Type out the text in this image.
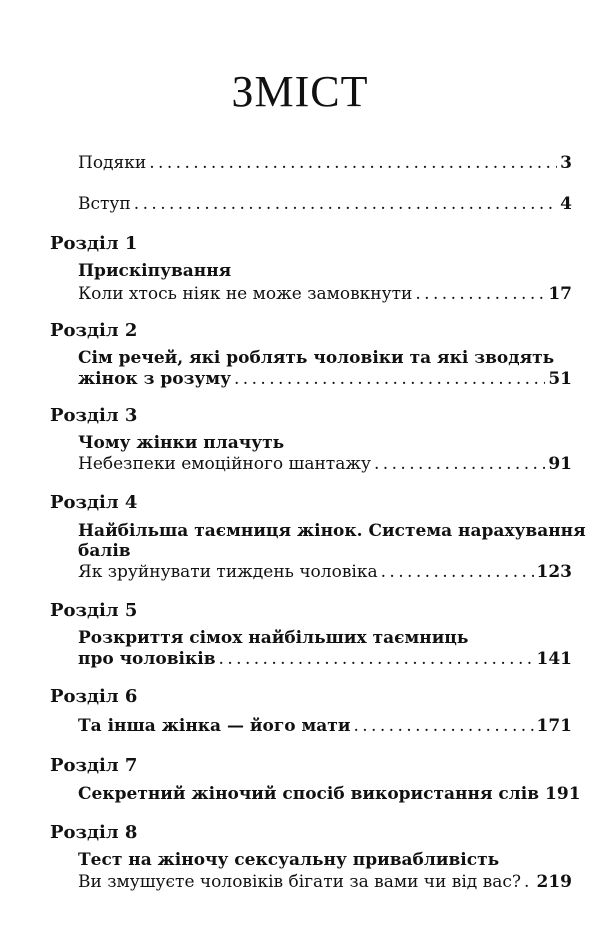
ЗМІСТ
Подяки . . .	3
Вступ . . .	4
Розділ 1
Прискіпування
Коли хтось ніяк не може замовкнути . . .	17
Розділ 2
Сім речей, які роблять чоловіки та які зводять
жінок з розуму . . .	51
Розділ 3
Чому жінки плачуть
Небезпеки емоційного шантажу . . .	91
Розділ 4
Найбільша таємниця жінок. Система нарахування
балів
Як зруйнувати тиждень чоловіка . . .	123
Розділ 5
Розкриття сімох найбільших таємниць
про чоловіків . . .	141
Розділ 6
Та інша жінка — його мати . . .	171
Розділ 7
Секретний жіночий спосіб використання слів 191
Розділ 8
Тест на жіночу сексуальну привабливість
Ви змушуєте чоловіків бігати за вами чи від вас? . . . 219
